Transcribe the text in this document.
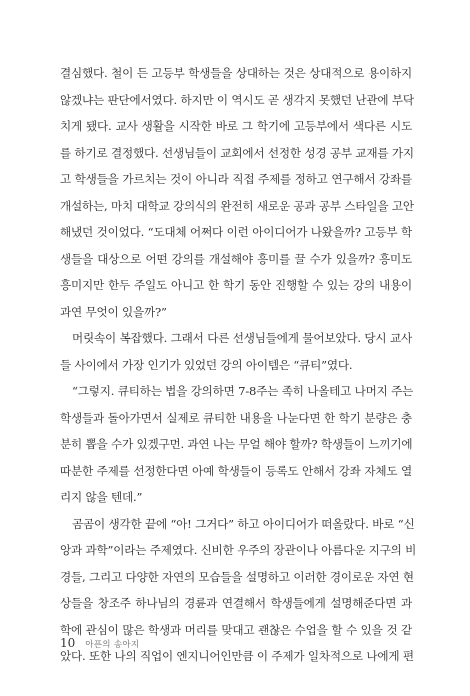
결심했다. 철이 든 고등부 학생들을 상대하는 것은 상대적으로 용이하지
않겠냐는 판단에서였다. 하지만 이 역시도 곧 생각지 못했던 난관에 부닥
치게 됐다. 교사 생활을 시작한 바로 그 학기에 고등부에서 색다른 시도
를 하기로 결정했다. 선생님들이 교회에서 선정한 성경 공부 교재를 가지
고 학생들을 가르치는 것이 아니라 직접 주제를 정하고 연구해서 강좌를
개설하는, 마치 대학교 강의식의 완전히 새로운 공과 공부 스타일을 고안
해냈던 것이었다. “도대체 어쩌다 이런 아이디어가 나왔을까? 고등부 학
생들을 대상으로 어떤 강의를 개설해야 흥미를 끌 수가 있을까? 흥미도
흥미지만 한두 주일도 아니고 한 학기 동안 진행할 수 있는 강의 내용이
과연 무엇이 있을까?”

머릿속이 복잡했다. 그래서 다른 선생님들에게 물어보았다. 당시 교사
들 사이에서 가장 인기가 있었던 강의 아이템은 “큐티”였다.

“그렇지. 큐티하는 법을 강의하면 7-8주는 족히 나올테고 나머지 주는
학생들과 돌아가면서 실제로 큐티한 내용을 나눈다면 한 학기 분량은 충
분히 뽑을 수가 있겠구먼. 과연 나는 무얼 해야 할까? 학생들이 느끼기에
따분한 주제를 선정한다면 아예 학생들이 등록도 안해서 강좌 자체도 열
리지 않을 텐데.”

곰곰이 생각한 끝에 “아! 그거다” 하고 아이디어가 떠올랐다. 바로 “신
앙과 과학”이라는 주제였다. 신비한 우주의 장관이나 아름다운 지구의 비
경들, 그리고 다양한 자연의 모습들을 설명하고 이러한 경이로운 자연 현
상들을 창조주 하나님의 경륜과 연결해서 학생들에게 설명해준다면 과
학에 관심이 많은 학생과 머리를 맞대고 괜찮은 수업을 할 수 있을 것 같
았다. 또한 나의 직업이 엔지니어인만큼 이 주제가 일차적으로 나에게 편

10 아픈의 송아지
